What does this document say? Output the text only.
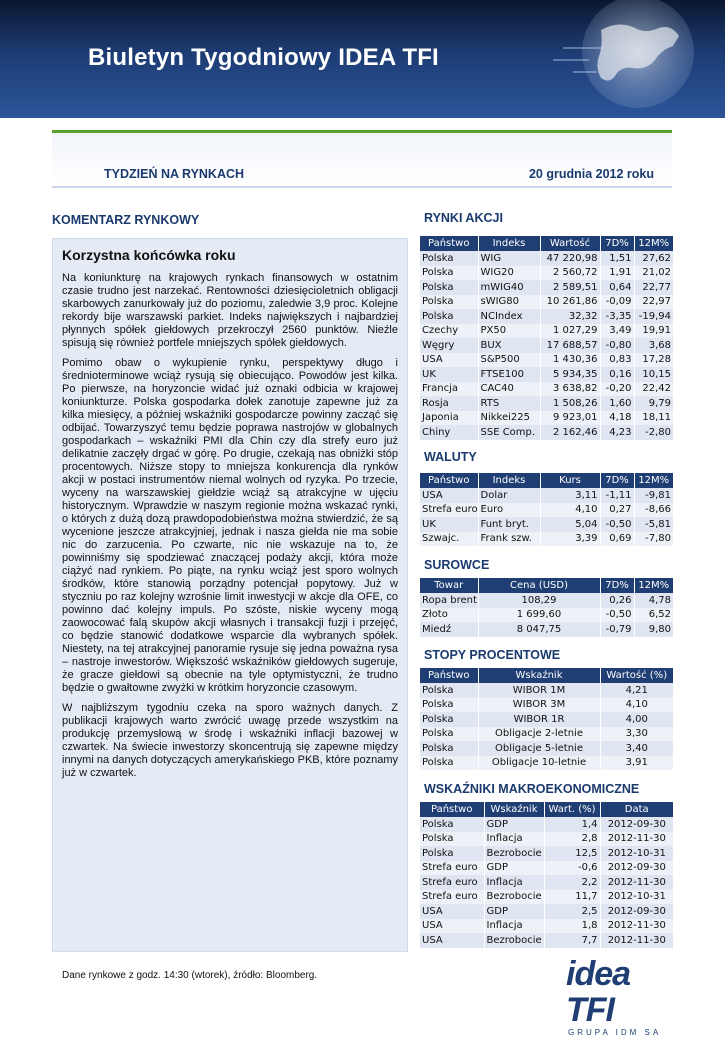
Biuletyn Tygodniowy IDEA TFI
TYDZIEŃ NA RYNKACH	20 grudnia 2012 roku
KOMENTARZ RYNKOWY
Korzystna końcówka roku

Na koniunkturę na krajowych rynkach finansowych w ostatnim czasie trudno jest narzekać. Rentowności dziesięcioletnich obligacji skarbowych zanurkowały już do poziomu, zaledwie 3,9 proc. Kolejne rekordy bije warszawski parkiet. Indeks największych i najbardziej płynnych spółek giełdowych przekroczył 2560 punktów. Nieźle spisują się również portfele mniejszych spółek giełdowych.

Pomimo obaw o wykupienie rynku, perspektywy długo i średnioterminowe wciąż rysują się obiecująco. Powodów jest kilka. Po pierwsze, na horyzoncie widać już oznaki odbicia w krajowej koniunkturze. Polska gospodarka dołek zanotuje zapewne już za kilka miesięcy, a później wskaźniki gospodarcze powinny zacząć się odbijać. Towarzyszyć temu będzie poprawa nastrojów w globalnych gospodarkach – wskaźniki PMI dla Chin czy dla strefy euro już delikatnie zaczęły drgać w górę. Po drugie, czekają nas obniżki stóp procentowych. Niższe stopy to mniejsza konkurencja dla rynków akcji w postaci instrumentów niemal wolnych od ryzyka. Po trzecie, wyceny na warszawskiej giełdzie wciąż są atrakcyjne w ujęciu historycznym. Wprawdzie w naszym regionie można wskazać rynki, o których z dużą dozą prawdopodobieństwa można stwierdzić, że są wycenione jeszcze atrakcyjniej, jednak i nasza giełda nie ma sobie nic do zarzucenia. Po czwarte, nic nie wskazuje na to, że powinniśmy się spodziewać znaczącej podaży akcji, która może ciążyć nad rynkiem. Po piąte, na rynku wciąż jest sporo wolnych środków, które stanowią porządny potencjał popytowy. Już w styczniu po raz kolejny wzrośnie limit inwestycji w akcje dla OFE, co powinno dać kolejny impuls. Po szóste, niskie wyceny mogą zaowocować falą skupów akcji własnych i transakcji fuzji i przejęć, co będzie stanowić dodatkowe wsparcie dla wybranych spółek. Niestety, na tej atrakcyjnej panoramie rysuje się jedna poważna rysa – nastroje inwestorów. Większość wskaźników giełdowych sugeruje, że gracze giełdowi są obecnie na tyle optymistyczni, że trudno będzie o gwałtowne zwyżki w krótkim horyzoncie czasowym.

W najbliższym tygodniu czeka na sporo ważnych danych. Z publikacji krajowych warto zwrócić uwagę przede wszystkim na produkcję przemysłową w środę i wskaźniki inflacji bazowej w czwartek. Na świecie inwestorzy skoncentrują się zapewne między innymi na danych dotyczących amerykańskiego PKB, które poznamy już w czwartek.

RYNKI AKCJI
Państwo	Indeks	Wartość	7D%	12M%
Polska	WIG	47 220,98	1,51	27,62
Polska	WIG20	2 560,72	1,91	21,02
Polska	mWIG40	2 589,51	0,64	22,77
Polska	sWIG80	10 261,86	-0,09	22,97
Polska	NCIndex	32,32	-3,35	-19,94
Czechy	PX50	1 027,29	3,49	19,91
Węgry	BUX	17 688,57	-0,80	3,68
USA	S&P500	1 430,36	0,83	17,28
UK	FTSE100	5 934,35	0,16	10,15
Francja	CAC40	3 638,82	-0,20	22,42
Rosja	RTS	1 508,26	1,60	9,79
Japonia	Nikkei225	9 923,01	4,18	18,11
Chiny	SSE Comp.	2 162,46	4,23	-2,80
WALUTY
Państwo	Indeks	Kurs	7D%	12M%
USA	Dolar	3,11	-1,11	-9,81
Strefa euro	Euro	4,10	0,27	-8,66
UK	Funt bryt.	5,04	-0,50	-5,81
Szwajc.	Frank szw.	3,39	0,69	-7,80
SUROWCE
Towar	Cena (USD)	7D%	12M%
Ropa brent	108,29	0,26	4,78
Złoto	1 699,60	-0,50	6,52
Miedź	8 047,75	-0,79	9,80
STOPY PROCENTOWE
Państwo	Wskaźnik	Wartość (%)
Polska	WIBOR 1M	4,21
Polska	WIBOR 3M	4,10
Polska	WIBOR 1R	4,00
Polska	Obligacje 2-letnie	3,30
Polska	Obligacje 5-letnie	3,40
Polska	Obligacje 10-letnie	3,91
WSKAŹNIKI MAKROEKONOMICZNE
Państwo	Wskaźnik	Wart. (%)	Data
Polska	GDP	1,4	2012-09-30
Polska	Inflacja	2,8	2012-11-30
Polska	Bezrobocie	12,5	2012-10-31
Strefa euro	GDP	-0,6	2012-09-30
Strefa euro	Inflacja	2,2	2012-11-30
Strefa euro	Bezrobocie	11,7	2012-10-31
USA	GDP	2,5	2012-09-30
USA	Inflacja	1,8	2012-11-30
USA	Bezrobocie	7,7	2012-11-30
Dane rynkowe z godz. 14:30 (wtorek), źródło: Bloomberg.	idea TFI
GRUPA IDM SA
